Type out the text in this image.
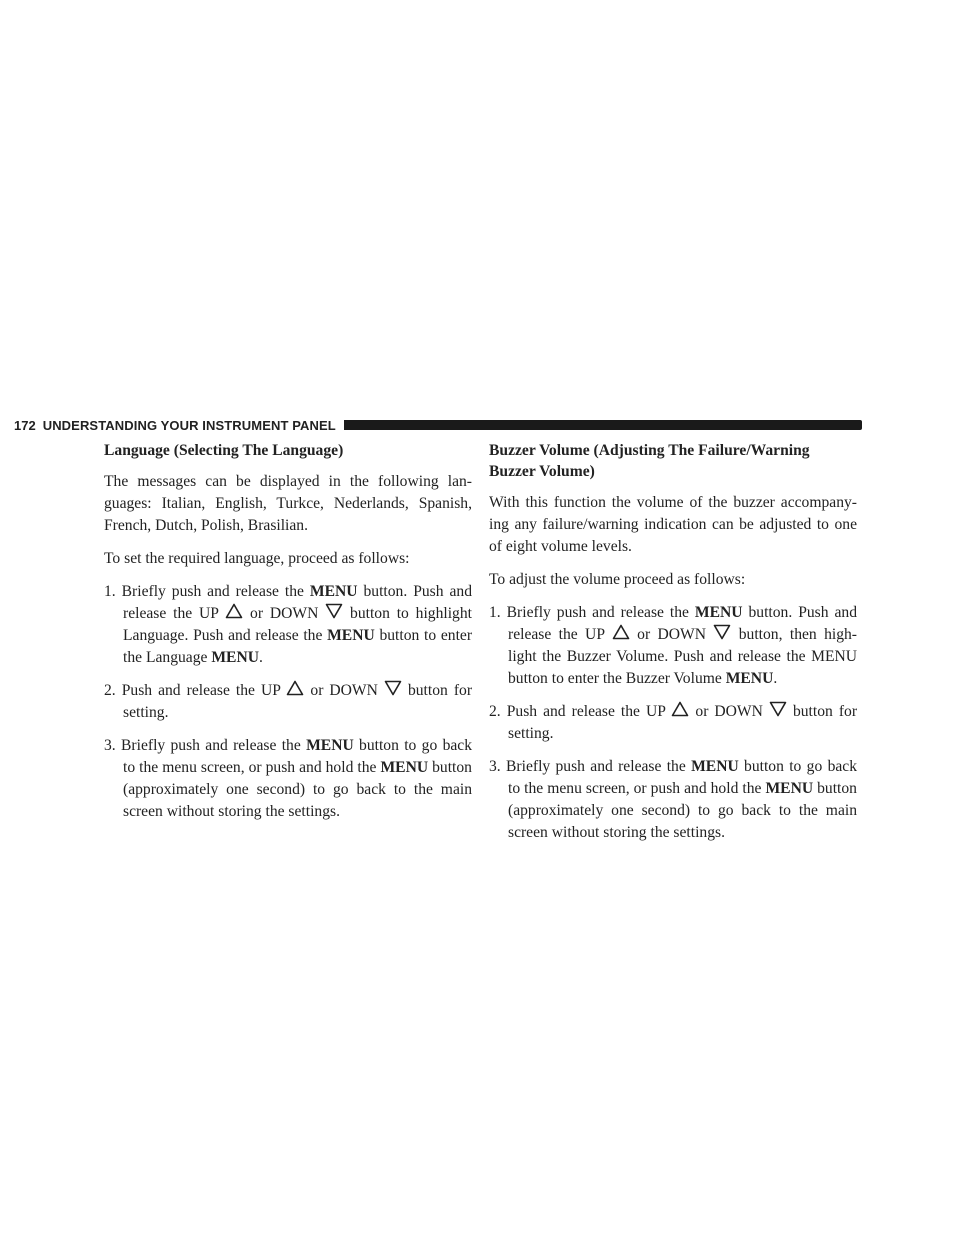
172 UNDERSTANDING YOUR INSTRUMENT PANEL
Language (Selecting The Language)

The messages can be displayed in the following lan- guages: Italian, English, Turkce, Nederlands, Spanish, French, Dutch, Polish, Brasilian.

To set the required language, proceed as follows:

1. Briefly push and release the MENU button. Push and release the UP
or DOWN
button to highlight Language. Push and release the MENU button to enter the Language MENU.
2. Push and release the UP
or DOWN
button for setting.
3. Briefly push and release the MENU button to go back to the menu screen, or push and hold the MENU button (approximately one second) to go back to the main screen without storing the settings.
Buzzer Volume (Adjusting The Failure/Warning Buzzer Volume)

With this function the volume of the buzzer accompany- ing any failure/warning indication can be adjusted to one of eight volume levels.

To adjust the volume proceed as follows:

1. Briefly push and release the MENU button. Push and release the UP
or DOWN
button, then high- light the Buzzer Volume. Push and release the MENU button to enter the Buzzer Volume MENU.
2. Push and release the UP
or DOWN
button for setting.
3. Briefly push and release the MENU button to go back to the menu screen, or push and hold the MENU button (approximately one second) to go back to the main screen without storing the settings.
